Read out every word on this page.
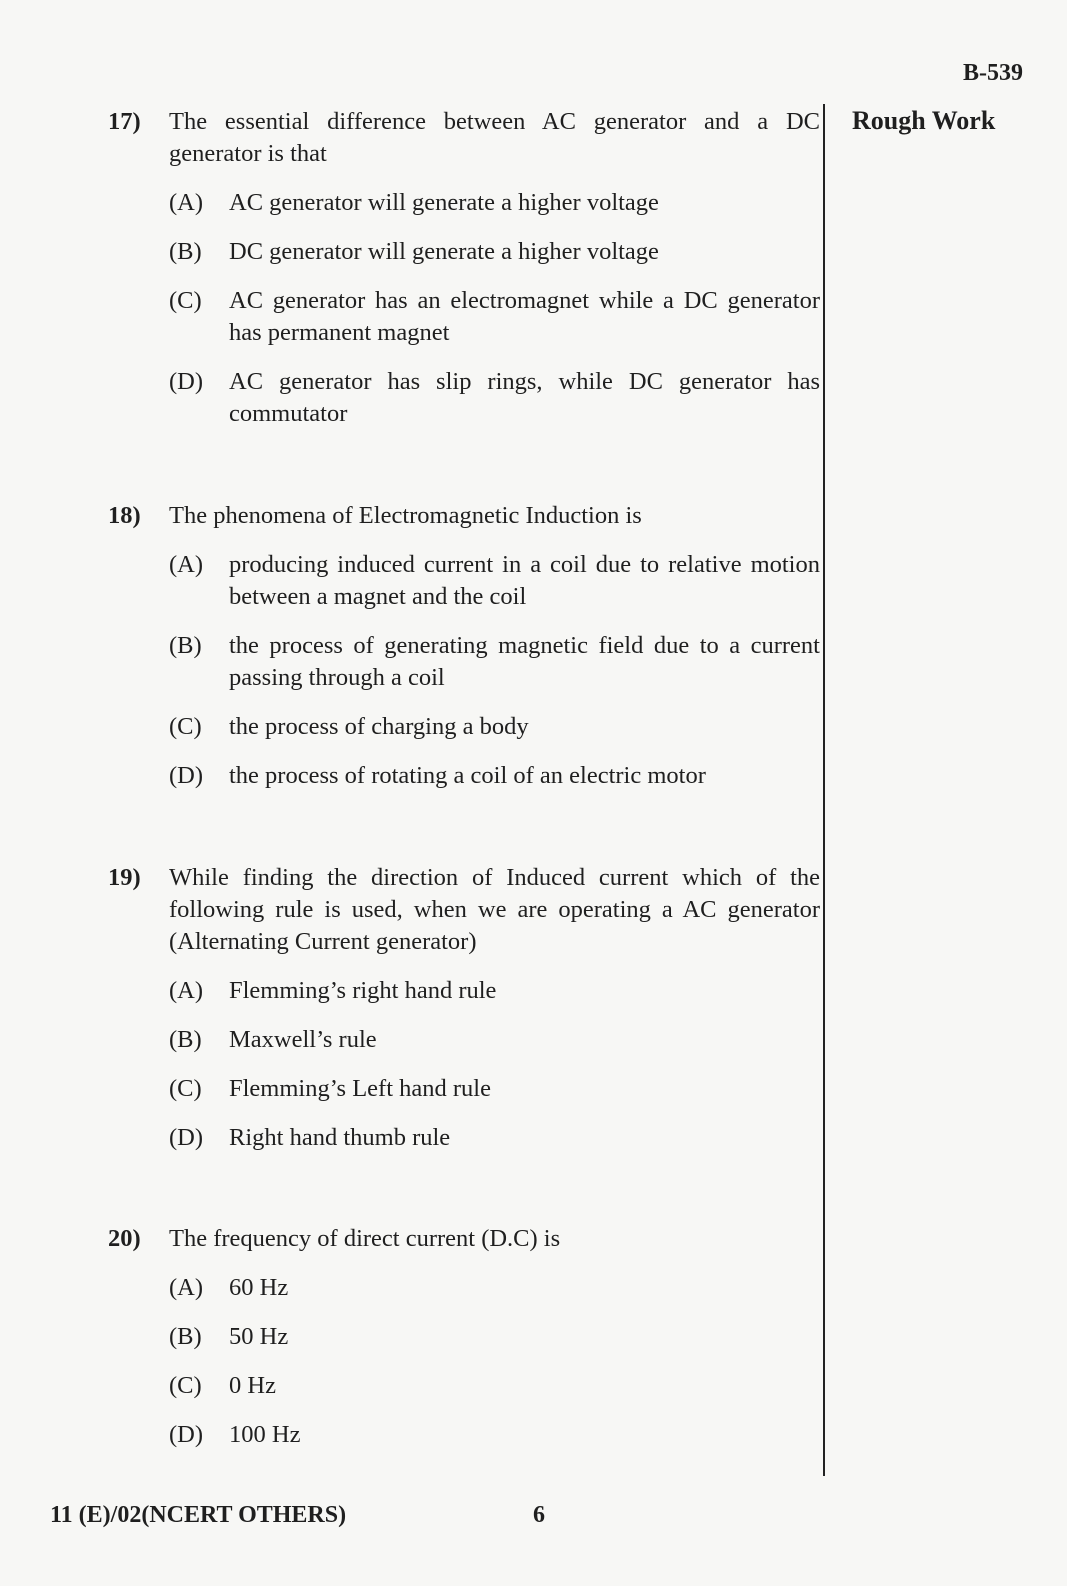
B-539
Rough Work
17) The essential difference between AC generator and a DC generator is that
(A) AC generator will generate a higher voltage
(B) DC generator will generate a higher voltage
(C) AC generator has an electromagnet while a DC generator has permanent magnet
(D) AC generator has slip rings, while DC generator has commutator
18) The phenomena of Electromagnetic Induction is
(A) producing induced current in a coil due to relative motion between a magnet and the coil
(B) the process of generating magnetic field due to a current passing through a coil
(C) the process of charging a body
(D) the process of rotating a coil of an electric motor
19) While finding the direction of Induced current which of the following rule is used, when we are operating a AC generator (Alternating Current generator)
(A) Flemming’s right hand rule
(B) Maxwell’s rule
(C) Flemming’s Left hand rule
(D) Right hand thumb rule
20) The frequency of direct current (D.C) is
(A) 60 Hz
(B) 50 Hz
(C) 0 Hz
(D) 100 Hz
11 (E)/02(NCERT OTHERS)	6
